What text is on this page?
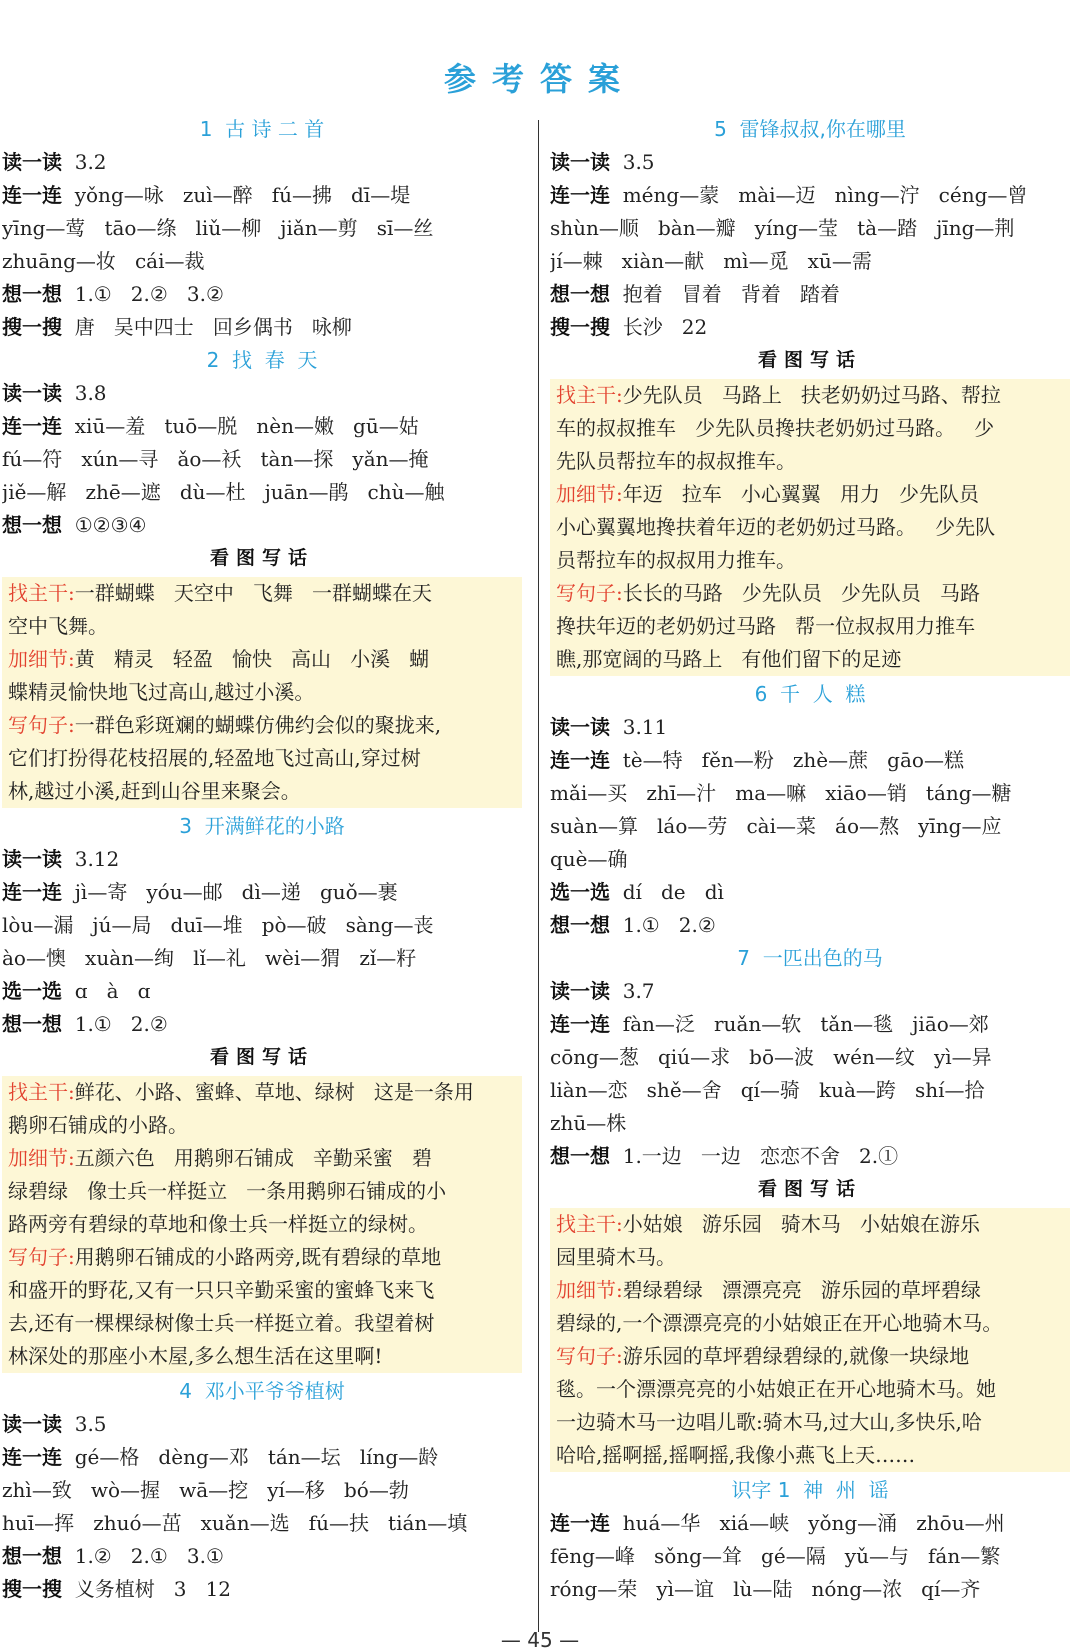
参考答案
1  古 诗 二 首
读一读 3.2
连一连 yǒng—咏   zuì—醉   fú—拂   dī—堤
yīng—莺   tāo—绦   liǔ—柳   jiǎn—剪   sī—丝
zhuāng—妆   cái—裁
想一想 1.①   2.②   3.②
搜一搜 唐   吴中四士   回乡偶书   咏柳
2  找  春  天
读一读 3.8
连一连 xiū—羞   tuō—脱   nèn—嫩   gū—姑
fú—符   xún—寻   ǎo—袄   tàn—探   yǎn—掩
jiě—解   zhē—遮   dù—杜   juān—鹃   chù—触
想一想 ①②③④
看图写话
找主干:一群蝴蝶   天空中   飞舞   一群蝴蝶在天
空中飞舞。
加细节:黄   精灵   轻盈   愉快   高山   小溪   蝴
蝶精灵愉快地飞过高山,越过小溪。
写句子:一群色彩斑斓的蝴蝶仿佛约会似的聚拢来,
它们打扮得花枝招展的,轻盈地飞过高山,穿过树
林,越过小溪,赶到山谷里来聚会。
3  开满鲜花的小路
读一读 3.12
连一连 jì—寄   yóu—邮   dì—递   guǒ—裹
lòu—漏   jú—局   duī—堆   pò—破   sàng—丧
ào—懊   xuàn—绚   lǐ—礼   wèi—猬   zǐ—籽
选一选 ɑ   à   ɑ
想一想 1.①   2.②
看图写话
找主干:鲜花、小路、蜜蜂、草地、绿树   这是一条用
鹅卵石铺成的小路。
加细节:五颜六色   用鹅卵石铺成   辛勤采蜜   碧
绿碧绿   像士兵一样挺立   一条用鹅卵石铺成的小
路两旁有碧绿的草地和像士兵一样挺立的绿树。
写句子:用鹅卵石铺成的小路两旁,既有碧绿的草地
和盛开的野花,又有一只只辛勤采蜜的蜜蜂飞来飞
去,还有一棵棵绿树像士兵一样挺立着。我望着树
林深处的那座小木屋,多么想生活在这里啊!
4  邓小平爷爷植树
读一读 3.5
连一连 gé—格   dèng—邓   tán—坛   líng—龄
zhì—致   wò—握   wā—挖   yí—移   bó—勃
huī—挥   zhuó—茁   xuǎn—选   fú—扶   tián—填
想一想 1.②   2.①   3.①
搜一搜 义务植树   3   12
5  雷锋叔叔,你在哪里
读一读 3.5
连一连 méng—蒙   mài—迈   nìng—泞   céng—曾
shùn—顺   bàn—瓣   yíng—莹   tà—踏   jīng—荆
jí—棘   xiàn—献   mì—觅   xū—需
想一想 抱着   冒着   背着   踏着
搜一搜 长沙   22
看图写话
找主干:少先队员   马路上   扶老奶奶过马路、帮拉
车的叔叔推车   少先队员搀扶老奶奶过马路。   少
先队员帮拉车的叔叔推车。
加细节:年迈   拉车   小心翼翼   用力   少先队员
小心翼翼地搀扶着年迈的老奶奶过马路。   少先队
员帮拉车的叔叔用力推车。
写句子:长长的马路   少先队员   少先队员   马路
搀扶年迈的老奶奶过马路   帮一位叔叔用力推车
瞧,那宽阔的马路上   有他们留下的足迹
6  千  人  糕
读一读 3.11
连一连 tè—特   fěn—粉   zhè—蔗   gāo—糕
mǎi—买   zhī—汁   ma—嘛   xiāo—销   táng—糖
suàn—算   láo—劳   cài—菜   áo—熬   yīng—应
què—确
选一选 dí   de   dì
想一想 1.①   2.②
7  一匹出色的马
读一读 3.7
连一连 fàn—泛   ruǎn—软   tǎn—毯   jiāo—郊
cōng—葱   qiú—求   bō—波   wén—纹   yì—异
liàn—恋   shě—舍   qí—骑   kuà—跨   shí—拾
zhū—株
想一想 1.一边   一边   恋恋不舍   2.①
看图写话
找主干:小姑娘   游乐园   骑木马   小姑娘在游乐
园里骑木马。
加细节:碧绿碧绿   漂漂亮亮   游乐园的草坪碧绿
碧绿的,一个漂漂亮亮的小姑娘正在开心地骑木马。
写句子:游乐园的草坪碧绿碧绿的,就像一块绿地
毯。一个漂漂亮亮的小姑娘正在开心地骑木马。她
一边骑木马一边唱儿歌:骑木马,过大山,多快乐,哈
哈哈,摇啊摇,摇啊摇,我像小燕飞上天……
识字 1  神  州  谣
连一连 huá—华   xiá—峡   yǒng—涌   zhōu—州
fēng—峰   sǒng—耸   gé—隔   yǔ—与   fán—繁
róng—荣   yì—谊   lù—陆   nóng—浓   qí—齐
— 45 —
